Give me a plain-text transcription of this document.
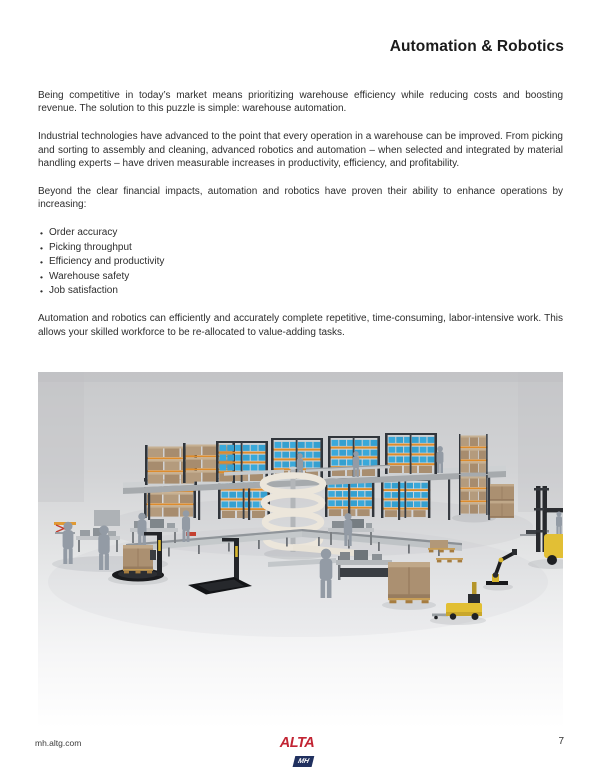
Automation & Robotics

Being competitive in today’s market means prioritizing warehouse efficiency while reducing costs and boosting revenue. The solution to this puzzle is simple: warehouse automation.

Industrial technologies have advanced to the point that every operation in a warehouse can be improved. From picking and sorting to assembly and cleaning, advanced robotics and automation – when selected and integrated by material handling experts – have driven measurable increases in productivity, efficiency, and profitability.

Beyond the clear financial impacts, automation and robotics have proven their ability to enhance operations by increasing:

• Order accuracy
• Picking throughput
• Efficiency and productivity
• Warehouse safety
• Job satisfaction

Automation and robotics can efficiently and accurately complete repetitive, time-consuming, labor-intensive work. This allows your skilled workforce to be re-allocated to value-adding tasks.

mh.altg.com	ALTA
MH
7
